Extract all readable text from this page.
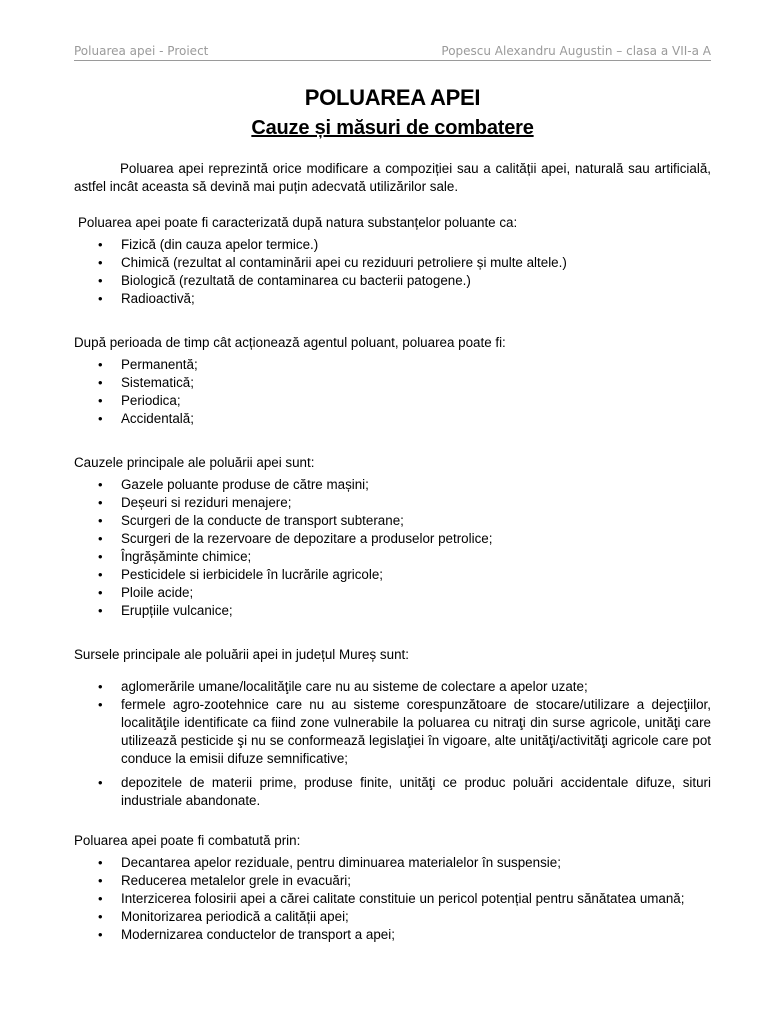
Poluarea apei - Proiect	Popescu Alexandru Augustin – clasa a VII-a A
POLUAREA APEI
Cauze și măsuri de combatere

Poluarea apei reprezintă orice modificare a compoziției sau a calității apei, naturală sau artificială, astfel incât aceasta să devină mai puțin adecvată utilizărilor sale.

Poluarea apei poate fi caracterizată după natura substanțelor poluante ca:

• Fizică (din cauza apelor termice.)
• Chimică (rezultat al contaminării apei cu reziduuri petroliere și multe altele.)
• Biologică (rezultată de contaminarea cu bacterii patogene.)
• Radioactivă;

După perioada de timp cât acționează agentul poluant, poluarea poate fi:

• Permanentă;
• Sistematică;
• Periodica;
• Accidentală;

Cauzele principale ale poluării apei sunt:

• Gazele poluante produse de către mașini;
• Deșeuri si reziduri menajere;
• Scurgeri de la conducte de transport subterane;
• Scurgeri de la rezervoare de depozitare a produselor petrolice;
• Îngrășăminte chimice;
• Pesticidele si ierbicidele în lucrările agricole;
• Ploile acide;
• Erupțiile vulcanice;

Sursele principale ale poluării apei in județul Mureș sunt:

• aglomerările umane/localităţile care nu au sisteme de colectare a apelor uzate;
• fermele agro-zootehnice care nu au sisteme corespunzătoare de stocare/utilizare a dejecţiilor, localităţile identificate ca fiind zone vulnerabile la poluarea cu nitraţi din surse agricole, unităţi care utilizează pesticide şi nu se conformează legislaţiei în vigoare, alte unităţi/activităţi agricole care pot conduce la emisii difuze semnificative;
• depozitele de materii prime, produse finite, unităţi ce produc poluări accidentale difuze, situri industriale abandonate.

Poluarea apei poate fi combatută prin:

• Decantarea apelor reziduale, pentru diminuarea materialelor în suspensie;
• Reducerea metalelor grele in evacuări;
• Interzicerea folosirii apei a cărei calitate constituie un pericol potențial pentru sănătatea umană;
• Monitorizarea periodică a calității apei;
• Modernizarea conductelor de transport a apei;
